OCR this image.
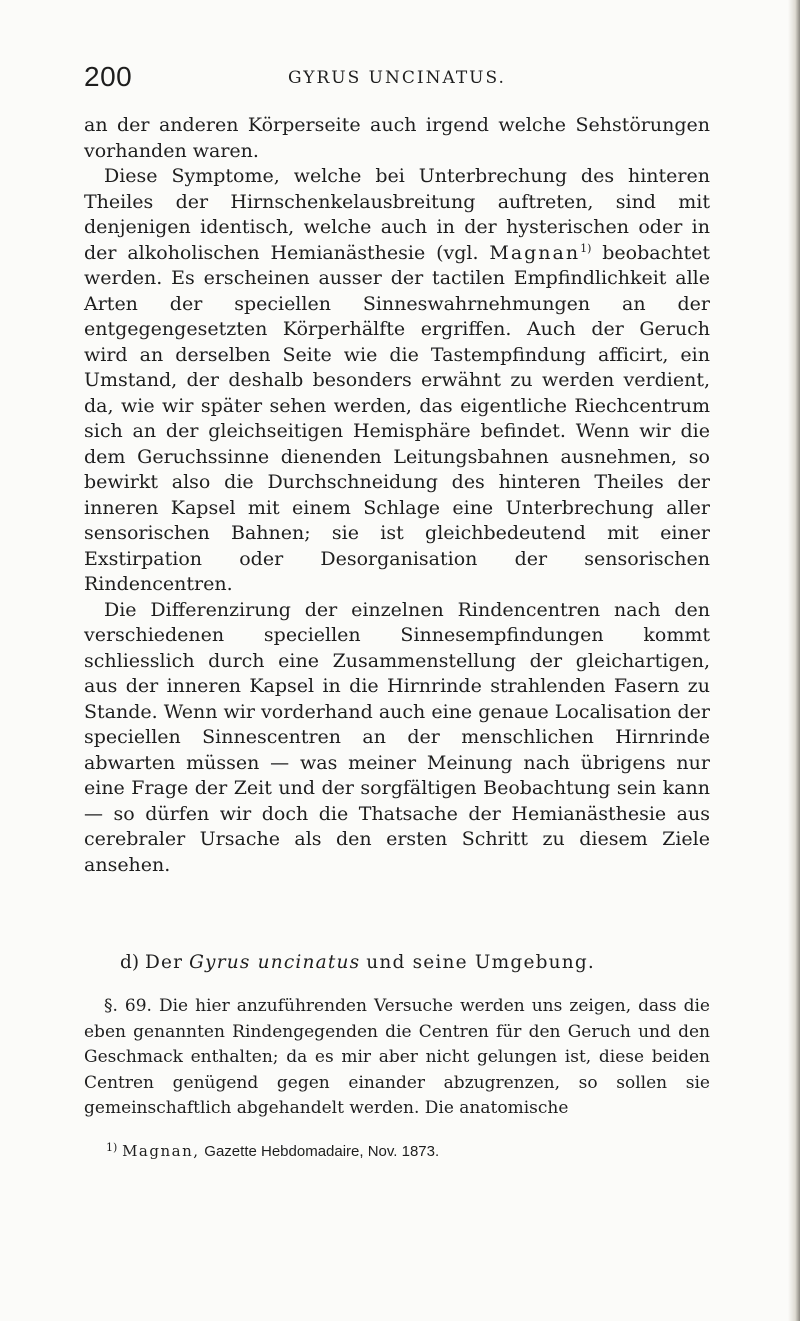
200	GYRUS UNCINATUS.

an der anderen Körperseite auch irgend welche Sehstörungen vorhanden waren.

Diese Symptome, welche bei Unterbrechung des hinteren Theiles der Hirnschenkelausbreitung auftreten, sind mit denjenigen identisch, welche auch in der hysterischen oder in der alkoholischen Hemianästhesie (vgl. Magnan$^{1)}$ beobachtet werden. Es erscheinen ausser der tactilen Empfindlichkeit alle Arten der speciellen Sinneswahrnehmungen an der entgegengesetzten Körperhälfte ergriffen. Auch der Geruch wird an derselben Seite wie die Tastempfindung afficirt, ein Umstand, der deshalb besonders erwähnt zu werden verdient, da, wie wir später sehen werden, das eigentliche Riechcentrum sich an der gleichseitigen Hemisphäre befindet. Wenn wir die dem Geruchssinne dienenden Leitungsbahnen ausnehmen, so bewirkt also die Durchschneidung des hinteren Theiles der inneren Kapsel mit einem Schlage eine Unterbrechung aller sensorischen Bahnen; sie ist gleichbedeutend mit einer Exstirpation oder Desorganisation der sensorischen Rindencentren.

Die Differenzirung der einzelnen Rindencentren nach den verschiedenen speciellen Sinnesempfindungen kommt schliesslich durch eine Zusammenstellung der gleichartigen, aus der inneren Kapsel in die Hirnrinde strahlenden Fasern zu Stande. Wenn wir vorderhand auch eine genaue Localisation der speciellen Sinnescentren an der menschlichen Hirnrinde abwarten müssen — was meiner Meinung nach übrigens nur eine Frage der Zeit und der sorgfältigen Beobachtung sein kann — so dürfen wir doch die Thatsache der Hemianästhesie aus cerebraler Ursache als den ersten Schritt zu diesem Ziele ansehen.

d) Der Gyrus uncinatus und seine Umgebung.

§. 69. Die hier anzuführenden Versuche werden uns zeigen, dass die eben genannten Rindengegenden die Centren für den Geruch und den Geschmack enthalten; da es mir aber nicht gelungen ist, diese beiden Centren genügend gegen einander abzugrenzen, so sollen sie gemeinschaftlich abgehandelt werden. Die anatomische

$^{1)}$ Magnan, Gazette Hebdomadaire, Nov. 1873.
